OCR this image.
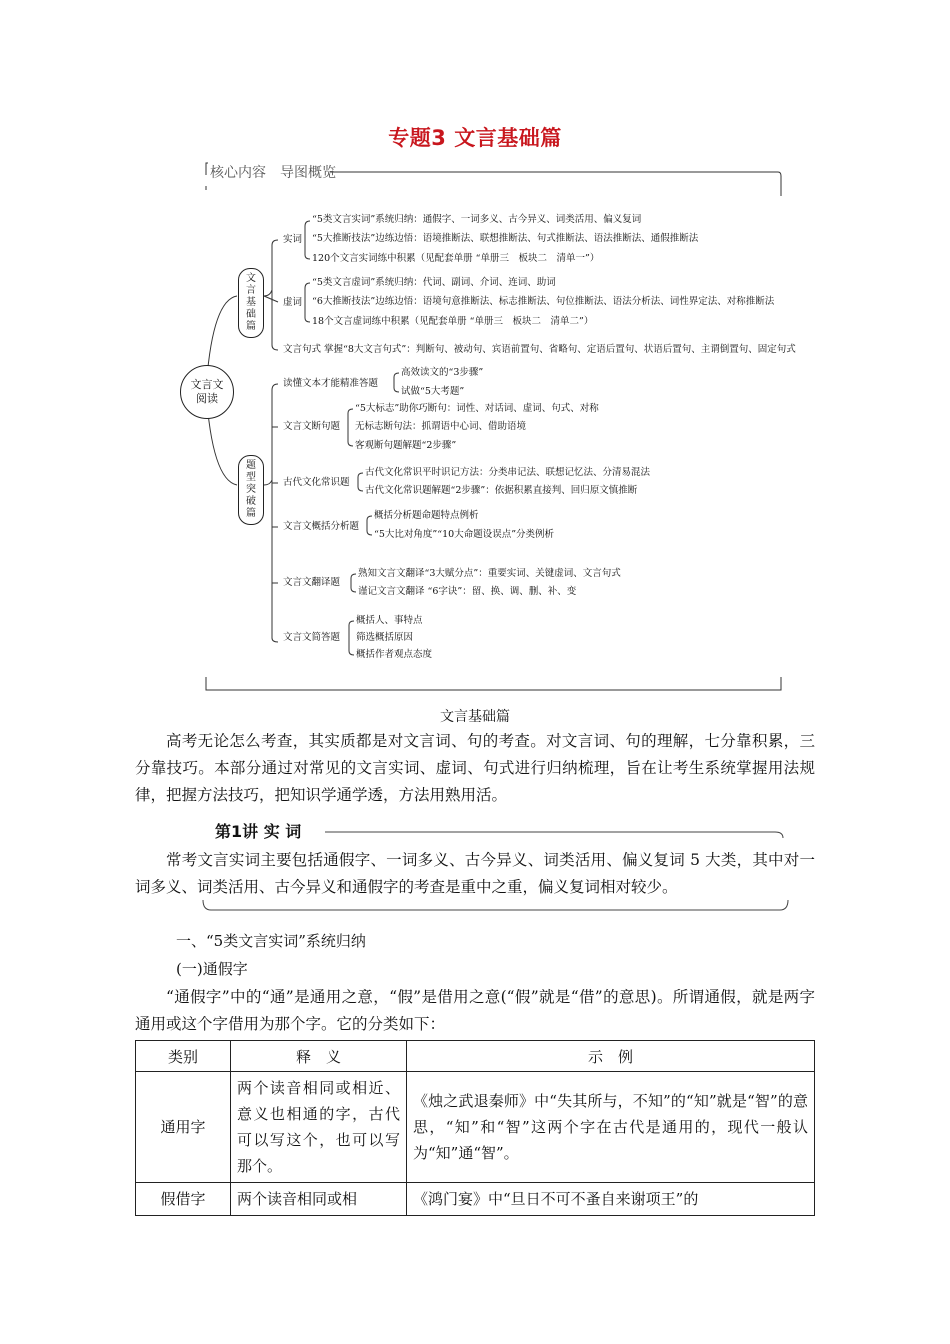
专题3 文言基础篇
核心内容　导图概览
文言文阅读
文言基础篇
题型突破篇
实词
“5类文言实词”系统归纳：通假字、一词多义、古今异义、词类活用、偏义复词
“5大推断技法”边练边悟：语境推断法、联想推断法、句式推断法、语法推断法、通假推断法
120个文言实词练中积累（见配套单册 “单册三　板块二　清单一”）
虚词
“5类文言虚词”系统归纳：代词、副词、介词、连词、助词
“6大推断技法”边练边悟：语境句意推断法、标志推断法、句位推断法、语法分析法、词性界定法、对称推断法
18个文言虚词练中积累（见配套单册 “单册三　板块二　清单二”）
文言句式 掌握“8大文言句式”：判断句、被动句、宾语前置句、省略句、定语后置句、状语后置句、主谓倒置句、固定句式
读懂文本才能精准答题
高效读文的“3步骤”
试做“5大考题”
文言文断句题
“5大标志”助你巧断句：词性、对话词、虚词、句式、对称
无标志断句法：抓谓语中心词、借助语境
客观断句题解题“2步骤”
古代文化常识题
古代文化常识平时识记方法：分类串记法、联想记忆法、分清易混法
古代文化常识题解题“2步骤”：依据积累直接判、回归原文慎推断
文言文概括分析题
概括分析题命题特点例析
“5大比对角度”“10大命题设误点”分类例析
文言文翻译题
熟知文言文翻译“3大赋分点”：重要实词、关键虚词、文言句式
谨记文言文翻译 “6字诀”：留、换、调、删、补、变
文言文简答题
概括人、事特点
筛选概括原因
概括作者观点态度
文言基础篇
高考无论怎么考查，其实质都是对文言词、句的考查。对文言词、句的理解，七分靠积累，三分靠技巧。本部分通过对常见的文言实词、虚词、句式进行归纳梳理，旨在让考生系统掌握用法规律，把握方法技巧，把知识学通学透，方法用熟用活。
第1讲 实 词
常考文言实词主要包括通假字、一词多义、古今异义、词类活用、偏义复词 5 大类，其中对一词多义、词类活用、古今异义和通假字的考查是重中之重，偏义复词相对较少。
一、“5类文言实词”系统归纳
(一)通假字
“通假字”中的“通”是通用之意，“假”是借用之意(“假”就是“借”的意思)。所谓通假，就是两字通用或这个字借用为那个字。它的分类如下：
类别	释　义	示　例
通用字	两个读音相同或相近、意义也相通的字，古代可以写这个，也可以写那个。	《烛之武退秦师》中“失其所与，不知”的“知”就是“智”的意思，“知”和“智”这两个字在古代是通用的，现代一般认为“知”通“智”。
假借字	两个读音相同或相	《鸿门宴》中“旦日不可不蚤自来谢项王”的
